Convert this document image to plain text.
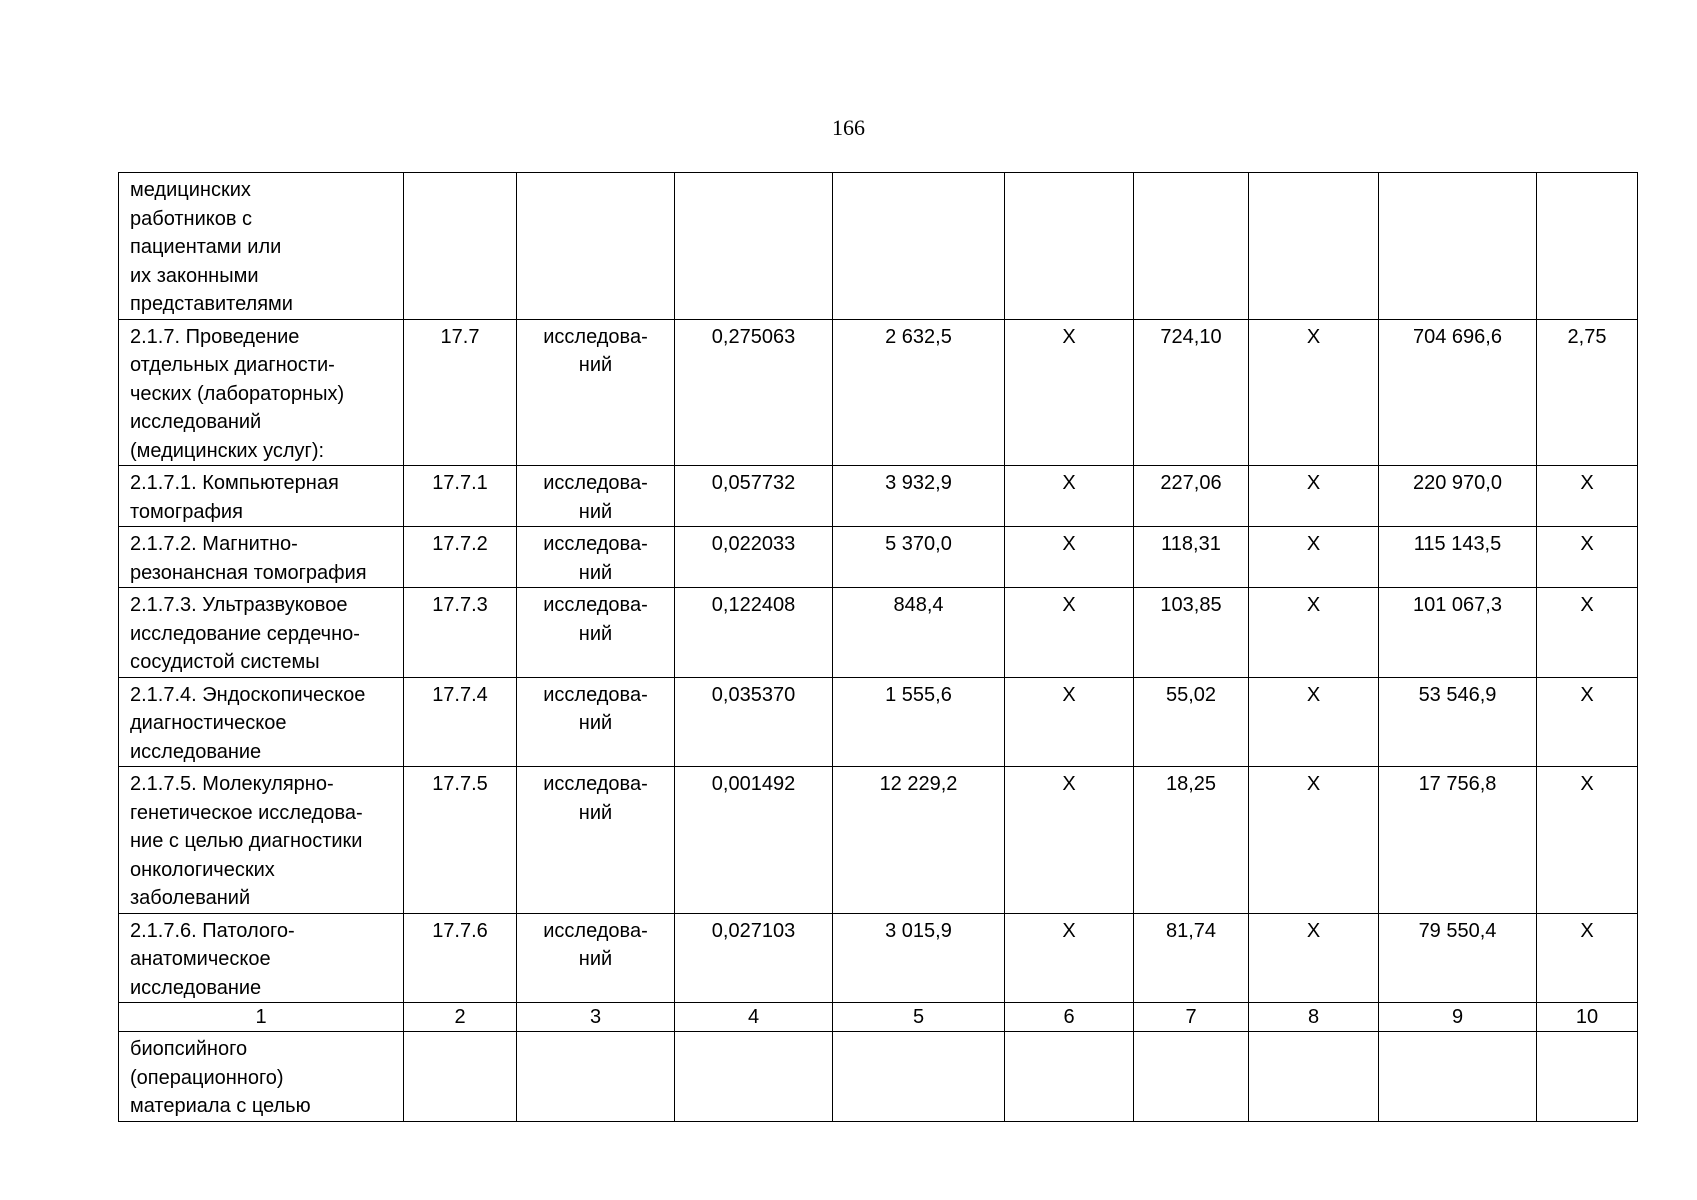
166
медицинских
работников с
пациентами или
их законными
представителями									

2.1.7. Проведение
отдельных диагности-
ческих (лабораторных)
исследований
(медицинских услуг):	17.7	исследова-
ний	0,275063	2 632,5	Х	724,10	Х	704 696,6	2,75

2.1.7.1. Компьютерная
томография	17.7.1	исследова-
ний	0,057732	3 932,9	Х	227,06	Х	220 970,0	Х

2.1.7.2. Магнитно-
резонансная томография	17.7.2	исследова-
ний	0,022033	5 370,0	Х	118,31	Х	115 143,5	Х

2.1.7.3. Ультразвуковое
исследование сердечно-
сосудистой системы	17.7.3	исследова-
ний	0,122408	848,4	Х	103,85	Х	101 067,3	Х

2.1.7.4. Эндоскопическое
диагностическое
исследование	17.7.4	исследова-
ний	0,035370	1 555,6	Х	55,02	Х	53 546,9	Х

2.1.7.5. Молекулярно-
генетическое исследова-
ние с целью диагностики
онкологических
заболеваний	17.7.5	исследова-
ний	0,001492	12 229,2	Х	18,25	Х	17 756,8	Х

2.1.7.6. Патолого-
анатомическое
исследование	17.7.6	исследова-
ний	0,027103	3 015,9	Х	81,74	Х	79 550,4	Х
1	2	3	4	5	6	7	8	9	10

биопсийного
(операционного)
материала с целью									
